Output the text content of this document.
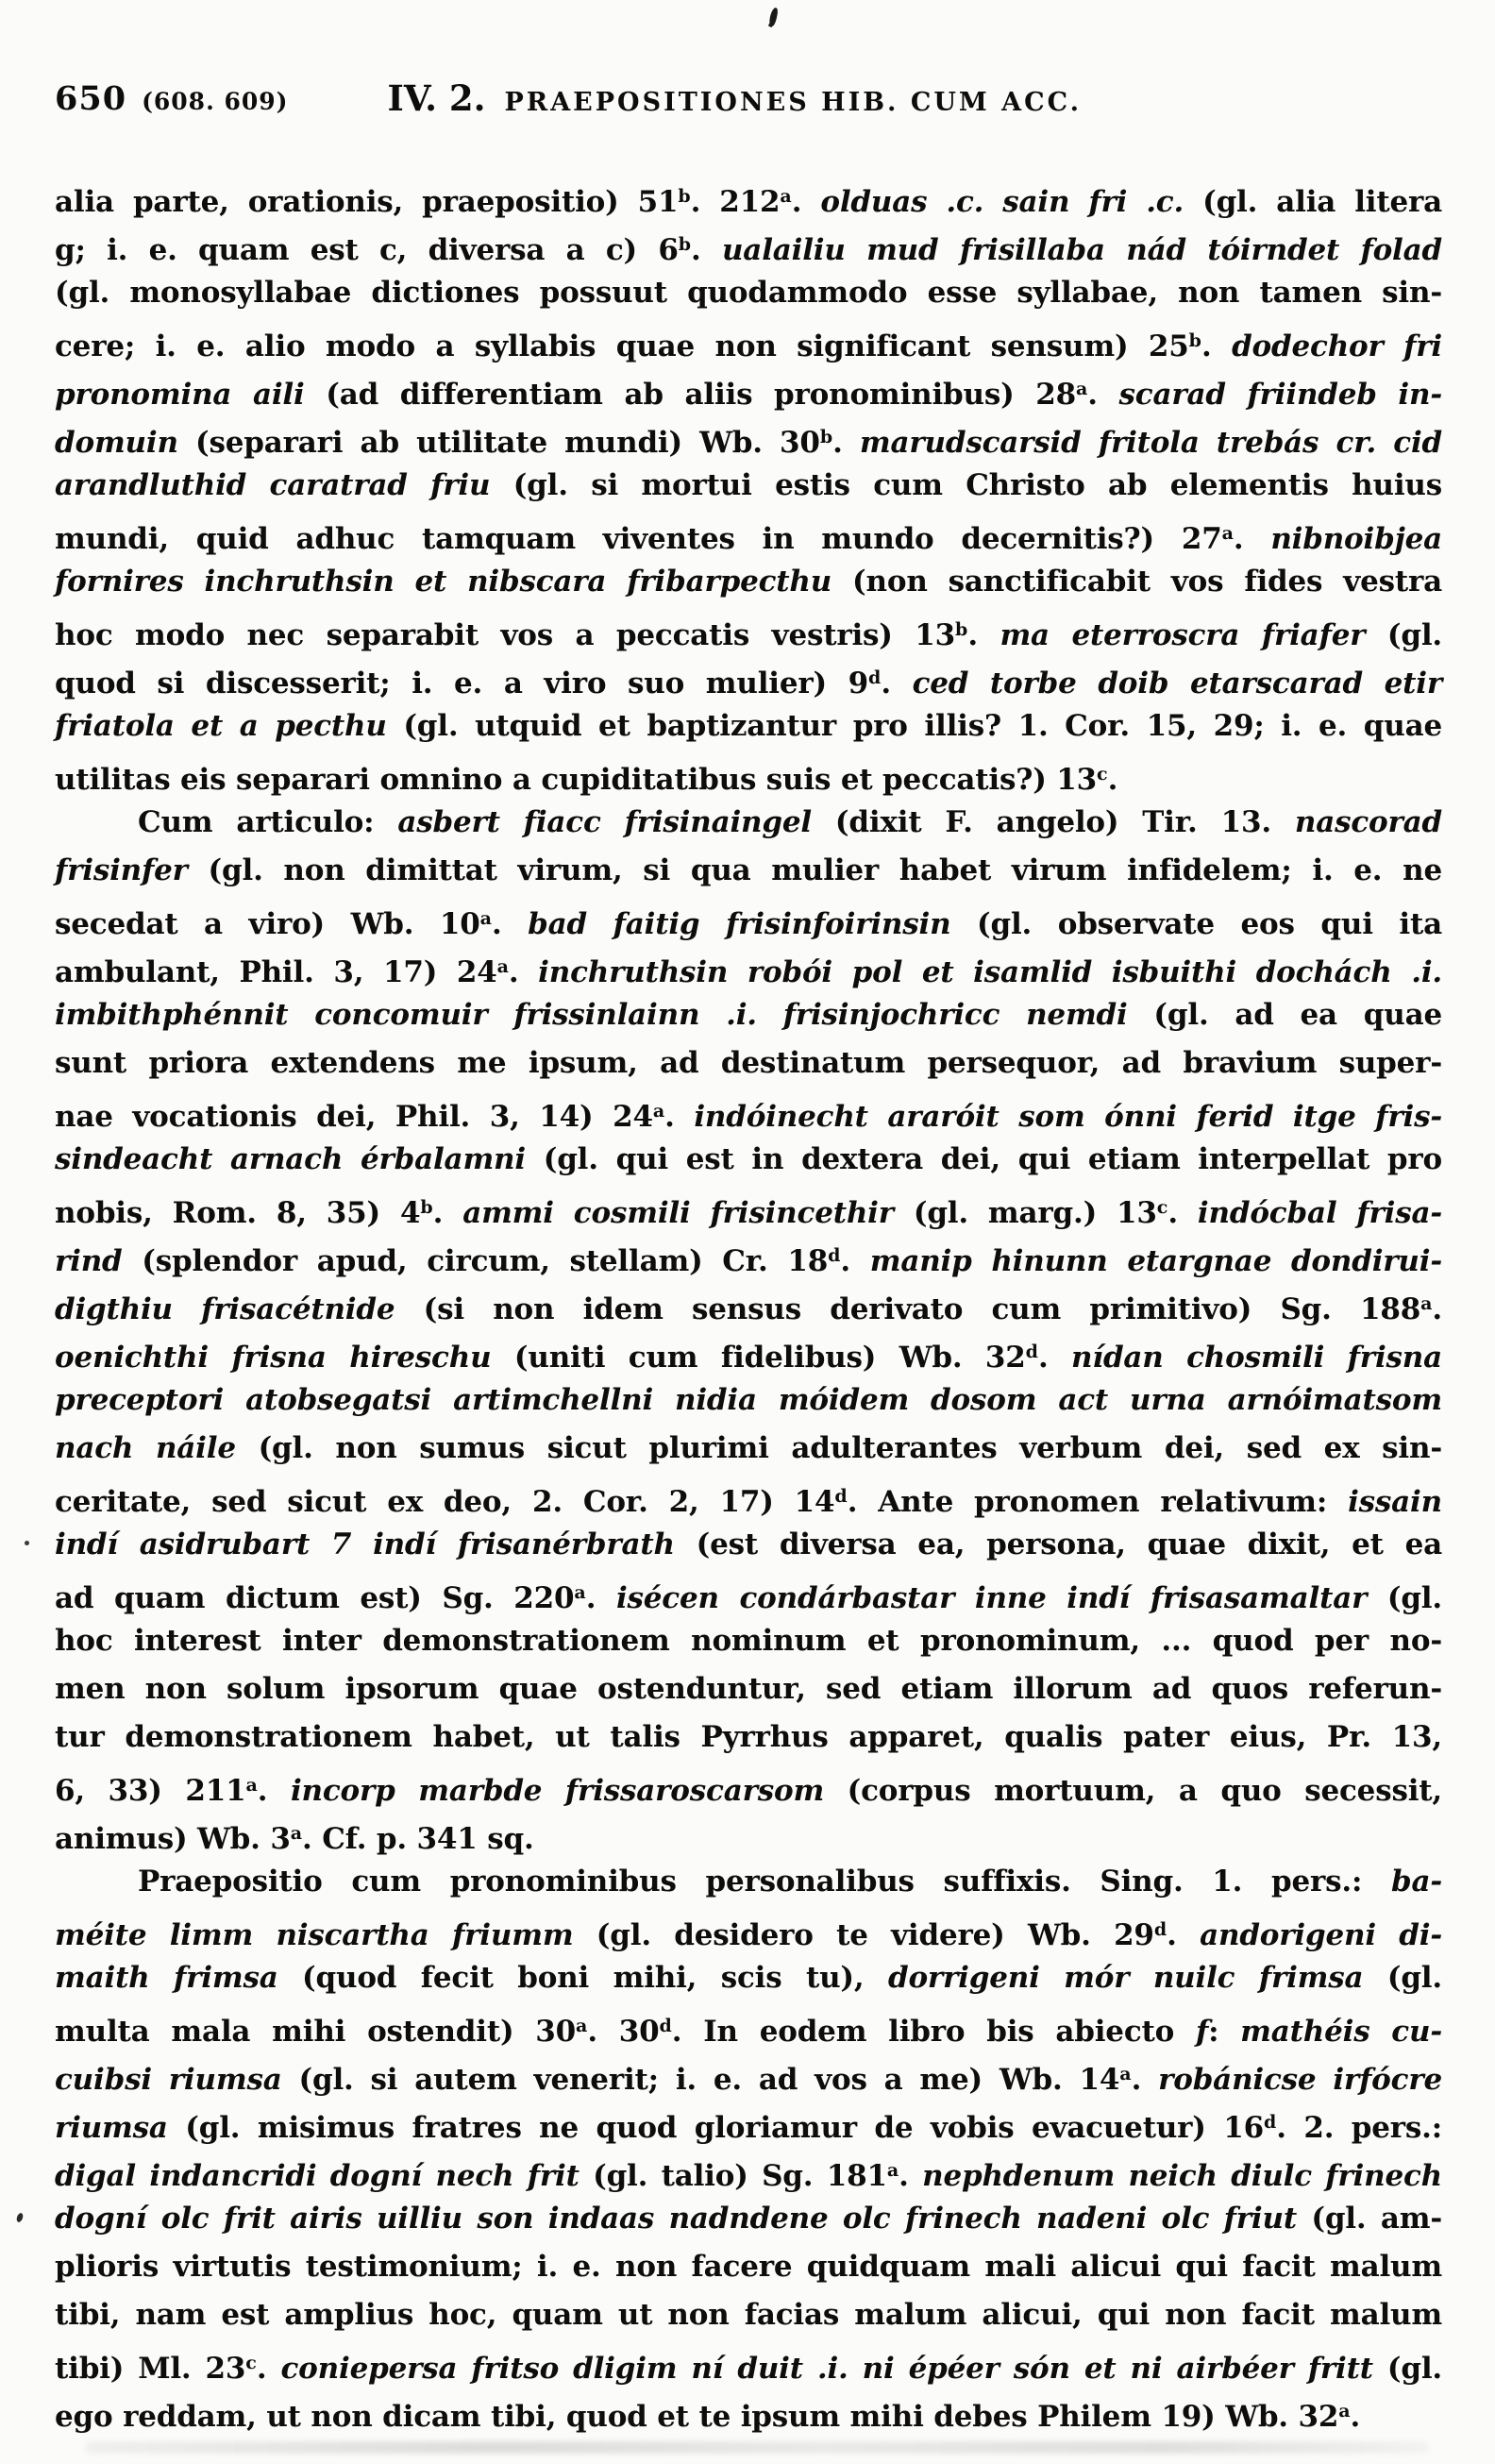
650 (608. 609)	IV. 2. PRAEPOSITIONES HIB. CUM ACC.
alia parte, orationis, praepositio) 51$^b$. 212$^a$. olduas .c. sain fri .c. (gl. alia litera
g; i. e. quam est c, diversa a c) 6$^b$. ualailiu mud frisillaba nád tóirndet folad
(gl. monosyllabae dictiones possuut quodammodo esse syllabae, non tamen sin-
cere; i. e. alio modo a syllabis quae non significant sensum) 25$^b$. dodechor fri
pronomina aili (ad differentiam ab aliis pronominibus) 28$^a$. scarad friindeb in-
domuin (separari ab utilitate mundi) Wb. 30$^b$. marudscarsid fritola trebás cr. cid
arandluthid caratrad friu (gl. si mortui estis cum Christo ab elementis huius
mundi, quid adhuc tamquam viventes in mundo decernitis?) 27$^a$. nibnoibjea
fornires inchruthsin et nibscara fribarpecthu (non sanctificabit vos fides vestra
hoc modo nec separabit vos a peccatis vestris) 13$^b$. ma eterroscra friafer (gl.
quod si discesserit; i. e. a viro suo mulier) 9$^d$. ced torbe doib etarscarad etir
friatola et a pecthu (gl. utquid et baptizantur pro illis? 1. Cor. 15, 29; i. e. quae
utilitas eis separari omnino a cupiditatibus suis et peccatis?) 13$^c$.
Cum articulo: asbert fiacc frisinaingel (dixit F. angelo) Tir. 13. nascorad
frisinfer (gl. non dimittat virum, si qua mulier habet virum infidelem; i. e. ne
secedat a viro) Wb. 10$^a$. bad faitig frisinfoirinsin (gl. observate eos qui ita
ambulant, Phil. 3, 17) 24$^a$. inchruthsin robói pol et isamlid isbuithi dochách .i.
imbithphénnit concomuir frissinlainn .i. frisinjochricc nemdi (gl. ad ea quae
sunt priora extendens me ipsum, ad destinatum persequor, ad bravium super-
nae vocationis dei, Phil. 3, 14) 24$^a$. indóinecht araróit som ónni ferid itge fris-
sindeacht arnach érbalamni (gl. qui est in dextera dei, qui etiam interpellat pro
nobis, Rom. 8, 35) 4$^b$. ammi cosmili frisincethir (gl. marg.) 13$^c$. indócbal frisa-
rind (splendor apud, circum, stellam) Cr. 18$^d$. manip hinunn etargnae dondirui-
digthiu frisacétnide (si non idem sensus derivato cum primitivo) Sg. 188$^a$.
oenichthi frisna hireschu (uniti cum fidelibus) Wb. 32$^d$. nídan chosmili frisna
preceptori atobsegatsi artimchellni nidia móidem dosom act urna arnóimatsom
nach náile (gl. non sumus sicut plurimi adulterantes verbum dei, sed ex sin-
ceritate, sed sicut ex deo, 2. Cor. 2, 17) 14$^d$. Ante pronomen relativum: issain
indí asidrubart 7 indí frisanérbrath (est diversa ea, persona, quae dixit, et ea
ad quam dictum est) Sg. 220$^a$. isécen condárbastar inne indí frisasamaltar (gl.
hoc interest inter demonstrationem nominum et pronominum, ... quod per no-
men non solum ipsorum quae ostenduntur, sed etiam illorum ad quos referun-
tur demonstrationem habet, ut talis Pyrrhus apparet, qualis pater eius, Pr. 13,
6, 33) 211$^a$. incorp marbde frissaroscarsom (corpus mortuum, a quo secessit,
animus) Wb. 3$^a$. Cf. p. 341 sq.
Praepositio cum pronominibus personalibus suffixis. Sing. 1. pers.: ba-
méite limm niscartha friumm (gl. desidero te videre) Wb. 29$^d$. andorigeni di-
maith frimsa (quod fecit boni mihi, scis tu), dorrigeni mór nuilc frimsa (gl.
multa mala mihi ostendit) 30$^a$. 30$^d$. In eodem libro bis abiecto f: mathéis cu-
cuibsi riumsa (gl. si autem venerit; i. e. ad vos a me) Wb. 14$^a$. robánicse irfócre
riumsa (gl. misimus fratres ne quod gloriamur de vobis evacuetur) 16$^d$. 2. pers.:
digal indancridi dogní nech frit (gl. talio) Sg. 181$^a$. nephdenum neich diulc frinech
dogní olc frit airis uilliu son indaas nadndene olc frinech nadeni olc friut (gl. am-
plioris virtutis testimonium; i. e. non facere quidquam mali alicui qui facit malum
tibi, nam est amplius hoc, quam ut non facias malum alicui, qui non facit malum
tibi) Ml. 23$^c$. coniepersa fritso dligim ní duit .i. ni épéer són et ni airbéer fritt (gl.
ego reddam, ut non dicam tibi, quod et te ipsum mihi debes Philem 19) Wb. 32$^a$.
